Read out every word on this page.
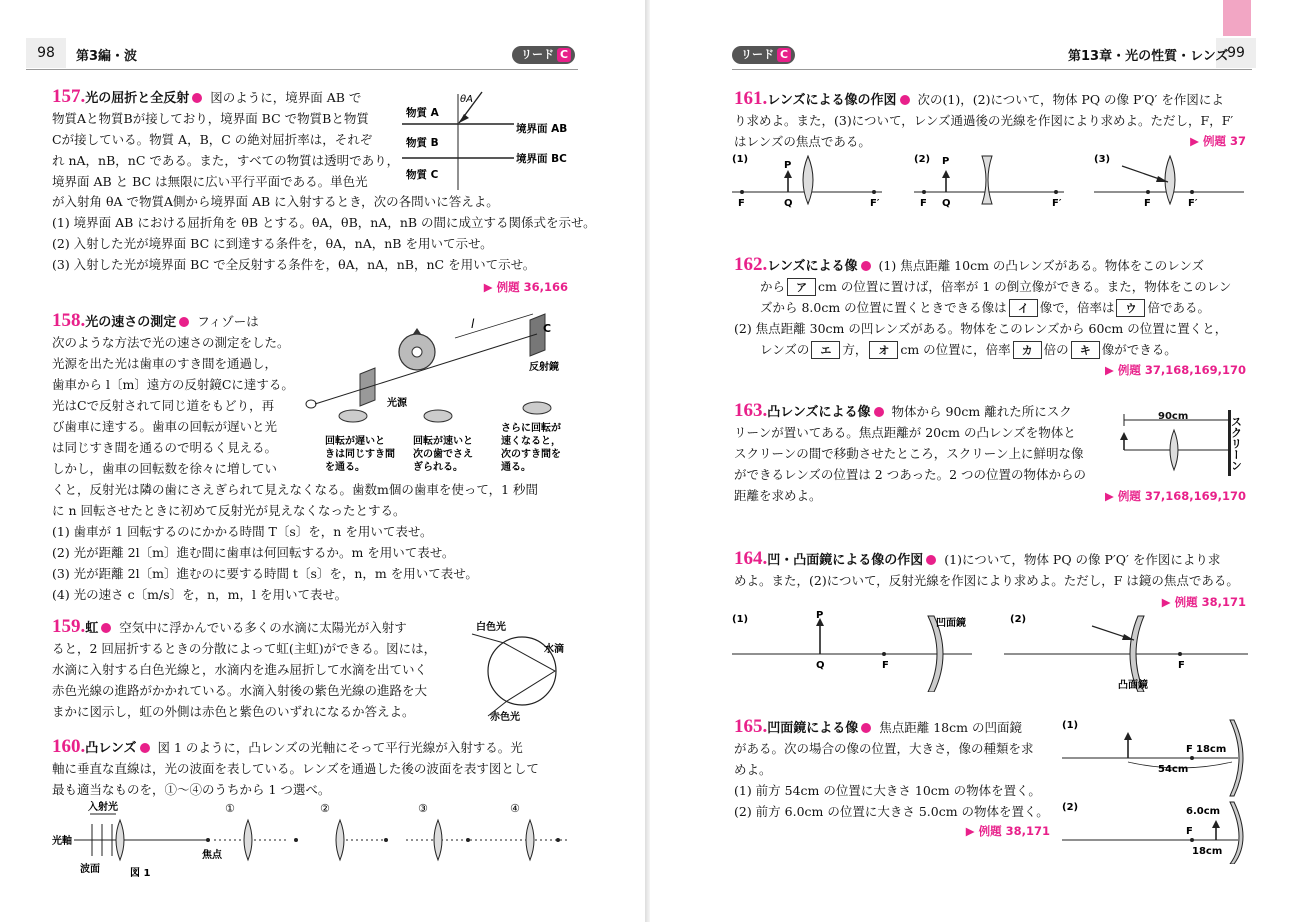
98	第3編・波	リード C
157.光の屈折と全反射 図のように，境界面 AB で
物質Aと物質Bが接しており，境界面 BC で物質Bと物質
Cが接している。物質 A，B，C の絶対屈折率は，それぞ
れ nA，nB，nC である。また，すべての物質は透明であり，
境界面 AB と BC は無限に広い平行平面である。単色光
が入射角 θA で物質A側から境界面 AB に入射するとき，次の各問いに答えよ。
(1) 境界面 AB における屈折角を θB とする。θA，θB，nA，nB の間に成立する関係式を示せ。
(2) 入射した光が境界面 BC に到達する条件を，θA，nA，nB を用いて示せ。
(3) 入射した光が境界面 BC で全反射する条件を，θA，nA，nB，nC を用いて示せ。
▶ 例題 36,166
θA
物質 A
物質 B
物質 C
境界面 AB
境界面 BC
158.光の速さの測定 フィゾーは
次のような方法で光の速さの測定をした。
光源を出た光は歯車のすき間を通過し，
歯車から l〔m〕遠方の反射鏡Cに達する。
光はCで反射されて同じ道をもどり，再
び歯車に達する。歯車の回転が遅いと光
は同じすき間を通るので明るく見える。
しかし，歯車の回転数を徐々に増してい
くと，反射光は隣の歯にさえぎられて見えなくなる。歯数m個の歯車を使って，1 秒間
に n 回転させたときに初めて反射光が見えなくなったとする。
(1) 歯車が 1 回転するのにかかる時間 T〔s〕を，n を用いて表せ。
(2) 光が距離 2l〔m〕進む間に歯車は何回転するか。m を用いて表せ。
(3) 光が距離 2l〔m〕進むのに要する時間 t〔s〕を，n，m を用いて表せ。
(4) 光の速さ c〔m/s〕を，n，m，l を用いて表せ。
l	C
反射鏡
光源
回転が遅いと
きは同じすき間
を通る。
回転が速いと
次の歯でさえ
ぎられる。
さらに回転が
速くなると，
次のすき間を
通る。
159.虹 空気中に浮かんでいる多くの水滴に太陽光が入射す
ると，2 回屈折するときの分散によって虹(主虹)ができる。図には，
水滴に入射する白色光線と，水滴内を進み屈折して水滴を出ていく
赤色光線の進路がかかれている。水滴入射後の紫色光線の進路を大
まかに図示し，虹の外側は赤色と紫色のいずれになるか答えよ。
白色光
水滴
赤色光
160.凸レンズ 図 1 のように，凸レンズの光軸にそって平行光線が入射する。光
軸に垂直な直線は，光の波面を表している。レンズを通過した後の波面を表す図として
最も適当なものを，①〜④のうちから 1 つ選べ。
入射光
光軸
波面	図 1
焦点
①	②	③	④
99
第13章・光の性質・レンズ
リード C
161.レンズによる像の作図 次の(1)，(2)について，物体 PQ の像 P′Q′ を作図によ
り求めよ。また，(3)について，レンズ通過後の光線を作図により求めよ。ただし，F，F′
はレンズの焦点である。	▶ 例題 37
(1)
F	F′
P
Q
(2)
F	F′
P
Q
(3)
F	F′
162.レンズによる像 (1) 焦点距離 10cm の凸レンズがある。物体をこのレンズ
から ア cm の位置に置けば，倍率が 1 の倒立像ができる。また，物体をこのレン
ズから 8.0cm の位置に置くときできる像は イ 像で，倍率は ウ 倍である。
(2) 焦点距離 30cm の凹レンズがある。物体をこのレンズから 60cm の位置に置くと，
レンズの エ 方， オ cm の位置に，倍率 カ 倍の キ 像ができる。
▶ 例題 37,168,169,170
163.凸レンズによる像 物体から 90cm 離れた所にスク
リーンが置いてある。焦点距離が 20cm の凸レンズを物体と
スクリーンの間で移動させたところ，スクリーン上に鮮明な像
ができるレンズの位置は 2 つあった。2 つの位置の物体からの
距離を求めよ。	▶ 例題 37,168,169,170
90cm	スクリーン
164.凹・凸面鏡による像の作図 (1)について，物体 PQ の像 P′Q′ を作図により求
めよ。また，(2)について，反射光線を作図により求めよ。ただし，F は鏡の焦点である。
▶ 例題 38,171
(1)	P
Q	F
凹面鏡	(2)
F
凸面鏡
165.凹面鏡による像 焦点距離 18cm の凹面鏡
がある。次の場合の像の位置，大きさ，像の種類を求
めよ。
(1) 前方 54cm の位置に大きさ 10cm の物体を置く。
(2) 前方 6.0cm の位置に大きさ 5.0cm の物体を置く。
▶ 例題 38,171
(1)
F 18cm
54cm
(2)
F
6.0cm
18cm
